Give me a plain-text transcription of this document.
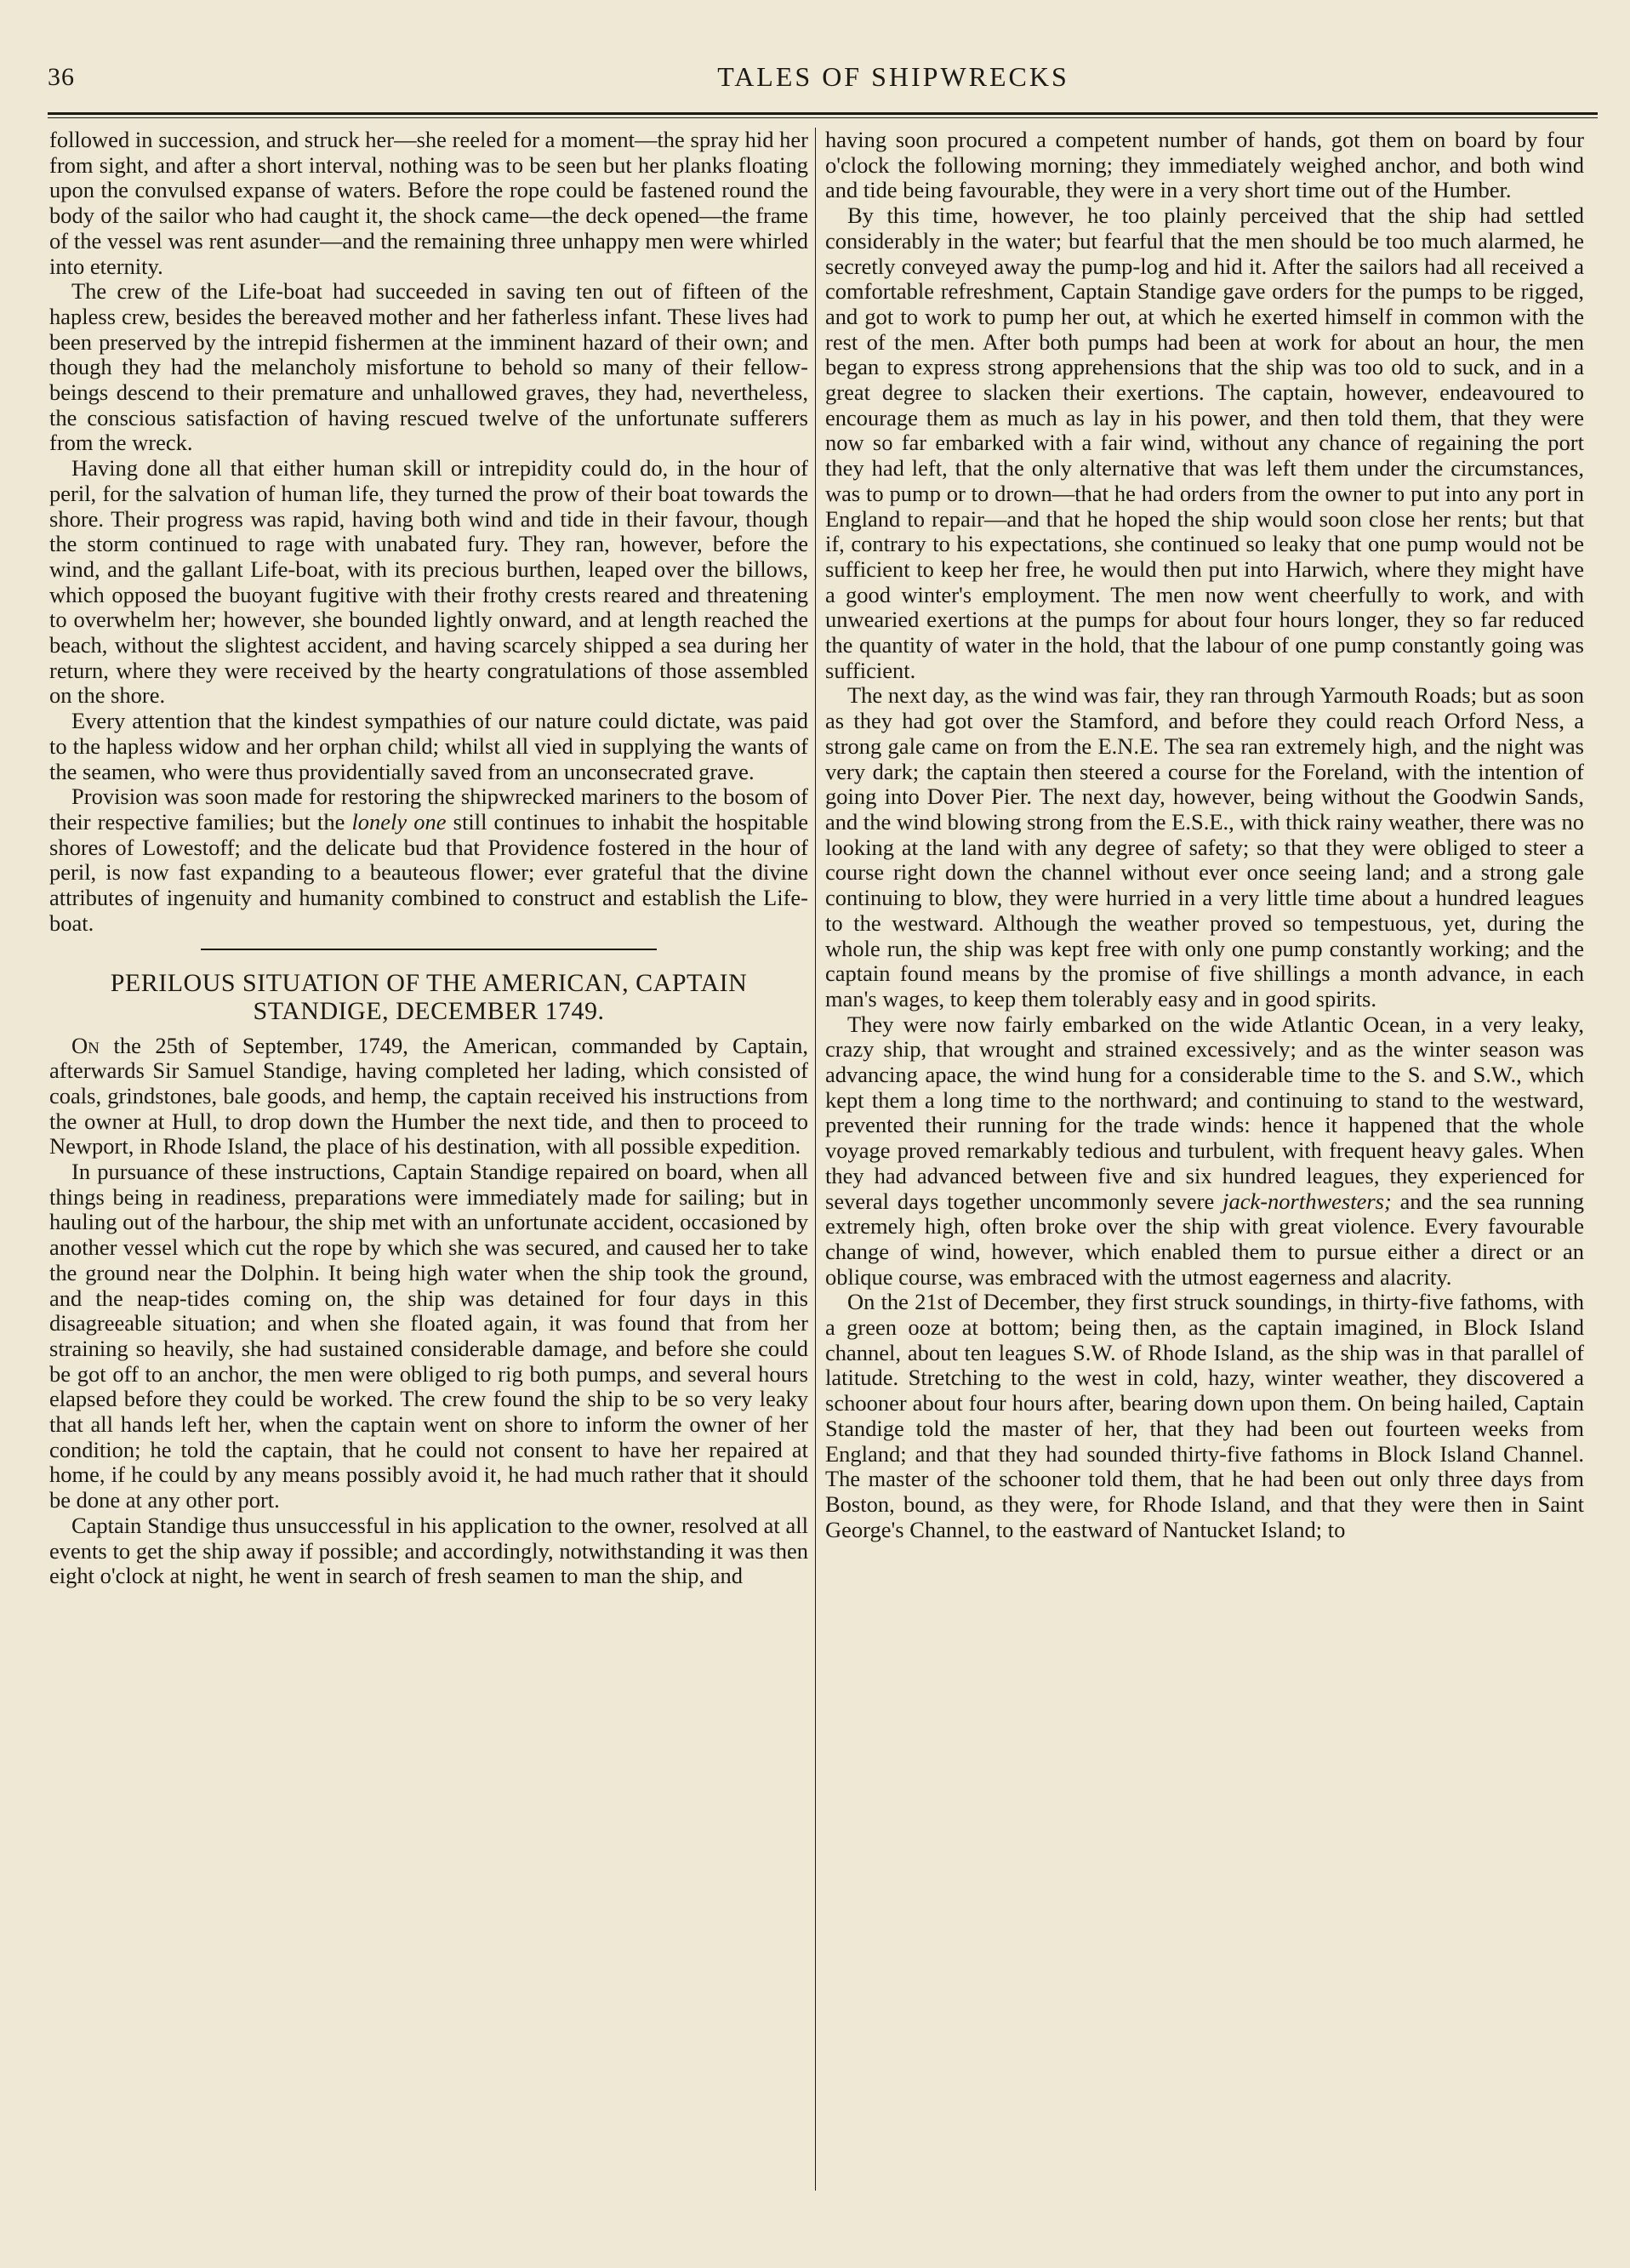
36	TALES OF SHIPWRECKS

followed in succession, and struck her—she reeled for a moment—the spray hid her from sight, and after a short interval, nothing was to be seen but her planks floating upon the convulsed expanse of waters. Before the rope could be fastened round the body of the sailor who had caught it, the shock came—the deck opened—the frame of the vessel was rent asunder—and the remaining three unhappy men were whirled into eternity.

The crew of the Life-boat had succeeded in saving ten out of fifteen of the hapless crew, besides the bereaved mother and her fatherless infant. These lives had been preserved by the intrepid fishermen at the imminent hazard of their own; and though they had the melancholy misfortune to behold so many of their fellow-beings descend to their premature and unhallowed graves, they had, nevertheless, the conscious satisfaction of having rescued twelve of the unfortunate sufferers from the wreck.

Having done all that either human skill or intrepidity could do, in the hour of peril, for the salvation of human life, they turned the prow of their boat towards the shore. Their progress was rapid, having both wind and tide in their favour, though the storm continued to rage with unabated fury. They ran, however, before the wind, and the gallant Life-boat, with its precious burthen, leaped over the billows, which opposed the buoyant fugitive with their frothy crests reared and threatening to overwhelm her; however, she bounded lightly onward, and at length reached the beach, without the slightest accident, and having scarcely shipped a sea during her return, where they were received by the hearty congratulations of those assembled on the shore.

Every attention that the kindest sympathies of our nature could dictate, was paid to the hapless widow and her orphan child; whilst all vied in supplying the wants of the seamen, who were thus providentially saved from an unconsecrated grave.

Provision was soon made for restoring the shipwrecked mariners to the bosom of their respective families; but the lonely one still continues to inhabit the hospitable shores of Lowestoff; and the delicate bud that Providence fostered in the hour of peril, is now fast expanding to a beauteous flower; ever grateful that the divine attributes of ingenuity and humanity combined to construct and establish the Life-boat.

PERILOUS SITUATION OF THE AMERICAN, CAPTAIN STANDIGE, DECEMBER 1749.

On the 25th of September, 1749, the American, commanded by Captain, afterwards Sir Samuel Standige, having completed her lading, which consisted of coals, grindstones, bale goods, and hemp, the captain received his instructions from the owner at Hull, to drop down the Humber the next tide, and then to proceed to Newport, in Rhode Island, the place of his destination, with all possible expedition.

In pursuance of these instructions, Captain Standige repaired on board, when all things being in readiness, preparations were immediately made for sailing; but in hauling out of the harbour, the ship met with an unfortunate accident, occasioned by another vessel which cut the rope by which she was secured, and caused her to take the ground near the Dolphin. It being high water when the ship took the ground, and the neap-tides coming on, the ship was detained for four days in this disagreeable situation; and when she floated again, it was found that from her straining so heavily, she had sustained considerable damage, and before she could be got off to an anchor, the men were obliged to rig both pumps, and several hours elapsed before they could be worked. The crew found the ship to be so very leaky that all hands left her, when the captain went on shore to inform the owner of her condition; he told the captain, that he could not consent to have her repaired at home, if he could by any means possibly avoid it, he had much rather that it should be done at any other port.

Captain Standige thus unsuccessful in his application to the owner, resolved at all events to get the ship away if possible; and accordingly, notwithstanding it was then eight o'clock at night, he went in search of fresh seamen to man the ship, and

having soon procured a competent number of hands, got them on board by four o'clock the following morning; they immediately weighed anchor, and both wind and tide being favourable, they were in a very short time out of the Humber.

By this time, however, he too plainly perceived that the ship had settled considerably in the water; but fearful that the men should be too much alarmed, he secretly conveyed away the pump-log and hid it. After the sailors had all received a comfortable refreshment, Captain Standige gave orders for the pumps to be rigged, and got to work to pump her out, at which he exerted himself in common with the rest of the men. After both pumps had been at work for about an hour, the men began to express strong apprehensions that the ship was too old to suck, and in a great degree to slacken their exertions. The captain, however, endeavoured to encourage them as much as lay in his power, and then told them, that they were now so far embarked with a fair wind, without any chance of regaining the port they had left, that the only alternative that was left them under the circumstances, was to pump or to drown—that he had orders from the owner to put into any port in England to repair—and that he hoped the ship would soon close her rents; but that if, contrary to his expectations, she continued so leaky that one pump would not be sufficient to keep her free, he would then put into Harwich, where they might have a good winter's employment. The men now went cheerfully to work, and with unwearied exertions at the pumps for about four hours longer, they so far reduced the quantity of water in the hold, that the labour of one pump constantly going was sufficient.

The next day, as the wind was fair, they ran through Yarmouth Roads; but as soon as they had got over the Stamford, and before they could reach Orford Ness, a strong gale came on from the E.N.E. The sea ran extremely high, and the night was very dark; the captain then steered a course for the Foreland, with the intention of going into Dover Pier. The next day, however, being without the Goodwin Sands, and the wind blowing strong from the E.S.E., with thick rainy weather, there was no looking at the land with any degree of safety; so that they were obliged to steer a course right down the channel without ever once seeing land; and a strong gale continuing to blow, they were hurried in a very little time about a hundred leagues to the westward. Although the weather proved so tempestuous, yet, during the whole run, the ship was kept free with only one pump constantly working; and the captain found means by the promise of five shillings a month advance, in each man's wages, to keep them tolerably easy and in good spirits.

They were now fairly embarked on the wide Atlantic Ocean, in a very leaky, crazy ship, that wrought and strained excessively; and as the winter season was advancing apace, the wind hung for a considerable time to the S. and S.W., which kept them a long time to the northward; and continuing to stand to the westward, prevented their running for the trade winds: hence it happened that the whole voyage proved remarkably tedious and turbulent, with frequent heavy gales. When they had advanced between five and six hundred leagues, they experienced for several days together uncommonly severe jack-northwesters; and the sea running extremely high, often broke over the ship with great violence. Every favourable change of wind, however, which enabled them to pursue either a direct or an oblique course, was embraced with the utmost eagerness and alacrity.

On the 21st of December, they first struck soundings, in thirty-five fathoms, with a green ooze at bottom; being then, as the captain imagined, in Block Island channel, about ten leagues S.W. of Rhode Island, as the ship was in that parallel of latitude. Stretching to the west in cold, hazy, winter weather, they discovered a schooner about four hours after, bearing down upon them. On being hailed, Captain Standige told the master of her, that they had been out fourteen weeks from England; and that they had sounded thirty-five fathoms in Block Island Channel. The master of the schooner told them, that he had been out only three days from Boston, bound, as they were, for Rhode Island, and that they were then in Saint George's Channel, to the eastward of Nantucket Island; to
